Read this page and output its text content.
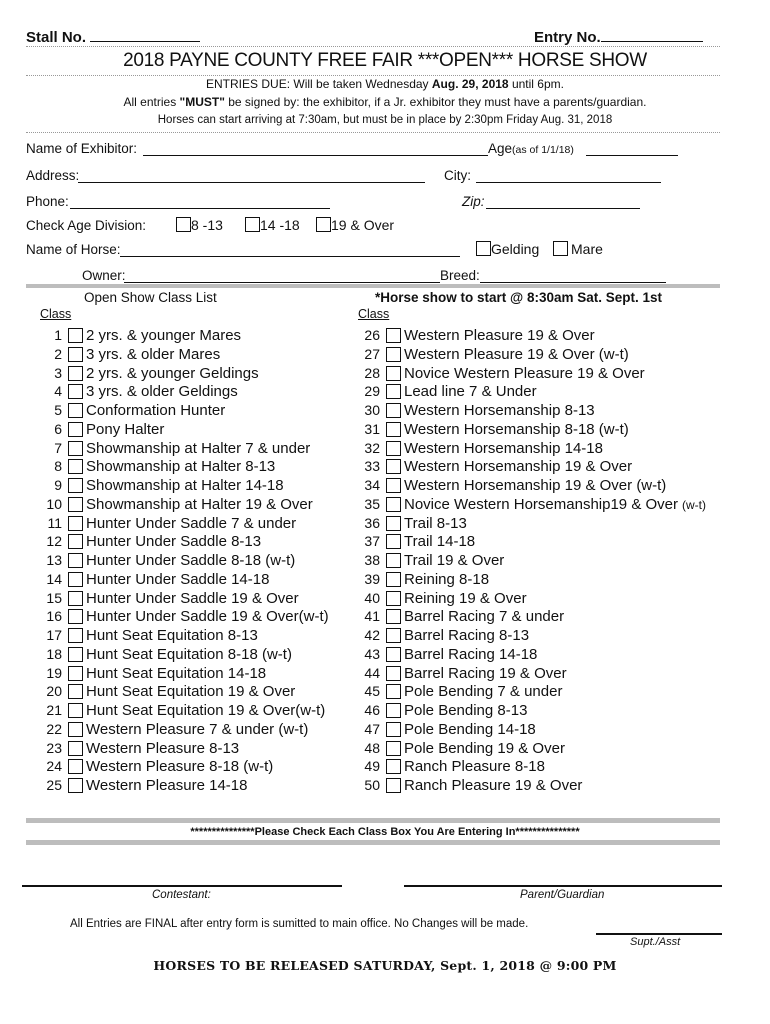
Stall No.	Entry No.
2018 PAYNE COUNTY FREE FAIR ***OPEN*** HORSE SHOW
ENTRIES DUE: Will be taken Wednesday Aug. 29, 2018 until 6pm.
All entries "MUST" be signed by: the exhibitor, if a Jr. exhibitor they must have a parents/guardian.
Horses can start arriving at 7:30am, but must be in place by 2:30pm Friday Aug. 31, 2018
Name of Exhibitor:	Age(as of 1/1/18)
Address:	City:
Phone:	Zip:
Check Age Division:	8 -13	14 -18	19 & Over
Name of Horse:	Gelding	Mare
Owner:	Breed:
Open Show Class List	*Horse show to start @ 8:30am Sat. Sept. 1st
Class	Class
1 2 yrs. & younger Mares
2 3 yrs. & older Mares
3 2 yrs. & younger Geldings
4 3 yrs. & older Geldings
5 Conformation Hunter
6 Pony Halter
7 Showmanship at Halter 7 & under
8 Showmanship at Halter 8-13
9 Showmanship at Halter 14-18
10 Showmanship at Halter 19 & Over
11 Hunter Under Saddle 7 & under
12 Hunter Under Saddle 8-13
13 Hunter Under Saddle 8-18 (w-t)
14 Hunter Under Saddle 14-18
15 Hunter Under Saddle 19 & Over
16 Hunter Under Saddle 19 & Over(w-t)
17 Hunt Seat Equitation 8-13
18 Hunt Seat Equitation 8-18 (w-t)
19 Hunt Seat Equitation 14-18
20 Hunt Seat Equitation 19 & Over
21 Hunt Seat Equitation 19 & Over(w-t)
22 Western Pleasure 7 & under (w-t)
23 Western Pleasure 8-13
24 Western Pleasure 8-18 (w-t)
25 Western Pleasure 14-18
26 Western Pleasure 19 & Over
27 Western Pleasure 19 & Over (w-t)
28 Novice Western Pleasure 19 & Over
29 Lead line 7 & Under
30 Western Horsemanship 8-13
31 Western Horsemanship 8-18 (w-t)
32 Western Horsemanship 14-18
33 Western Horsemanship 19 & Over
34 Western Horsemanship 19 & Over (w-t)
35 Novice Western Horsemanship19 & Over (w-t)
36 Trail 8-13
37 Trail 14-18
38 Trail 19 & Over
39 Reining 8-18
40 Reining 19 & Over
41 Barrel Racing 7 & under
42 Barrel Racing 8-13
43 Barrel Racing 14-18
44 Barrel Racing 19 & Over
45 Pole Bending 7 & under
46 Pole Bending 8-13
47 Pole Bending 14-18
48 Pole Bending 19 & Over
49 Ranch Pleasure 8-18
50 Ranch Pleasure 19 & Over
***************Please Check Each Class Box You Are Entering In***************
Contestant:	Parent/Guardian
All Entries are FINAL after entry form is sumitted to main office. No Changes will be made.
Supt./Asst
HORSES TO BE RELEASED SATURDAY, Sept. 1, 2018 @ 9:00 PM
